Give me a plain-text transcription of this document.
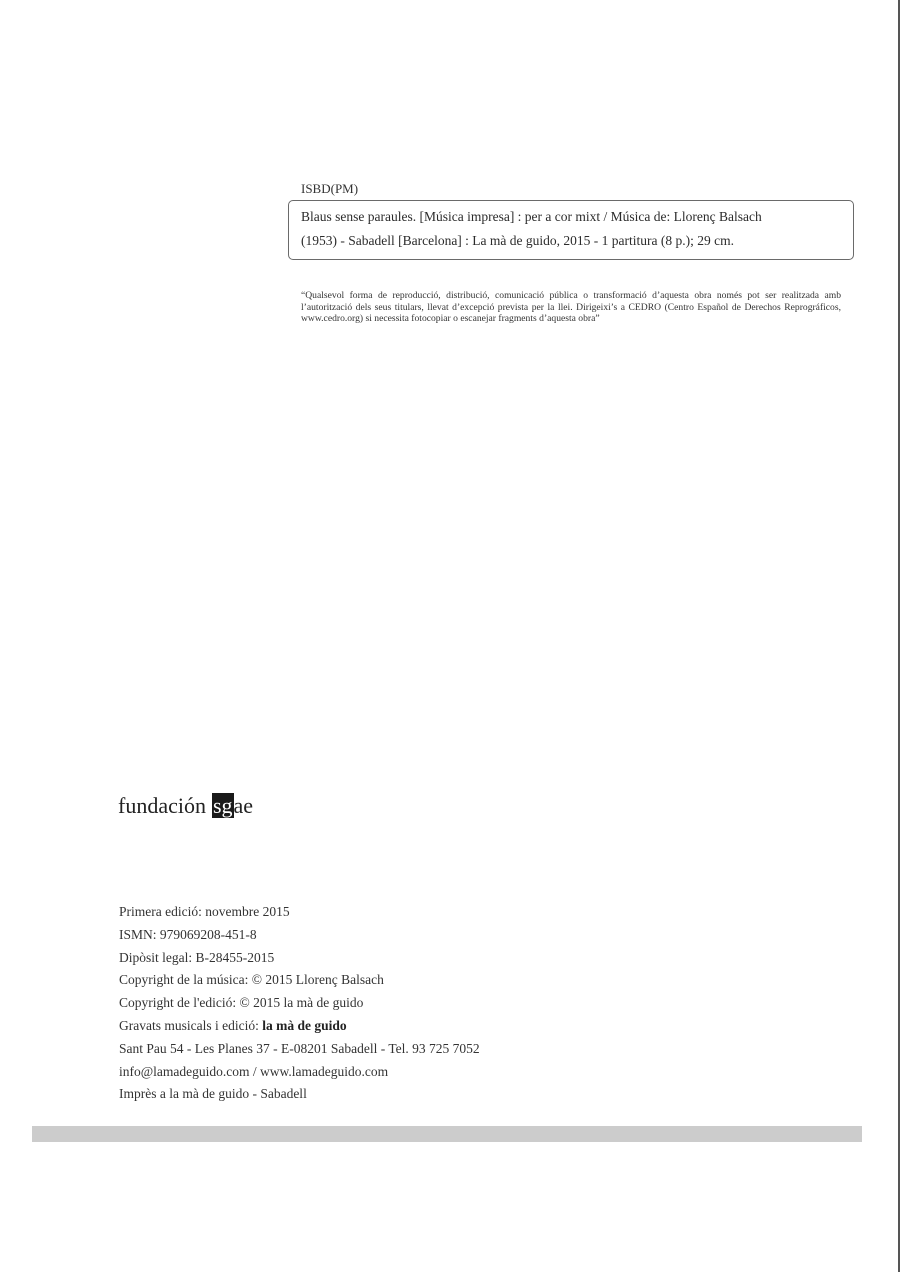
ISBD(PM)
Blaus sense paraules. [Música impresa] : per a cor mixt / Música de: Llorenç Balsach
(1953) - Sabadell [Barcelona] : La mà de guido, 2015 - 1 partitura (8 p.); 29 cm.
“Qualsevol forma de reproducció, distribució, comunicació pública o transformació d’aquesta obra només pot ser realitzada amb l’autorització dels seus titulars, llevat d’excepció prevista per la llei. Dirigeixi’s a CEDRO (Centro Español de Derechos Reprográficos, www.cedro.org) si necessita fotocopiar o escanejar fragments d’aquesta obra”
fundación sgae
Primera edició: novembre 2015
ISMN: 979069208-451-8
Dipòsit legal: B-28455-2015
Copyright de la música: © 2015 Llorenç Balsach
Copyright de l'edició: © 2015 la mà de guido
Gravats musicals i edició: la mà de guido
Sant Pau 54 - Les Planes 37 - E-08201 Sabadell - Tel. 93 725 7052
info@lamadeguido.com / www.lamadeguido.com
Imprès a la mà de guido - Sabadell
